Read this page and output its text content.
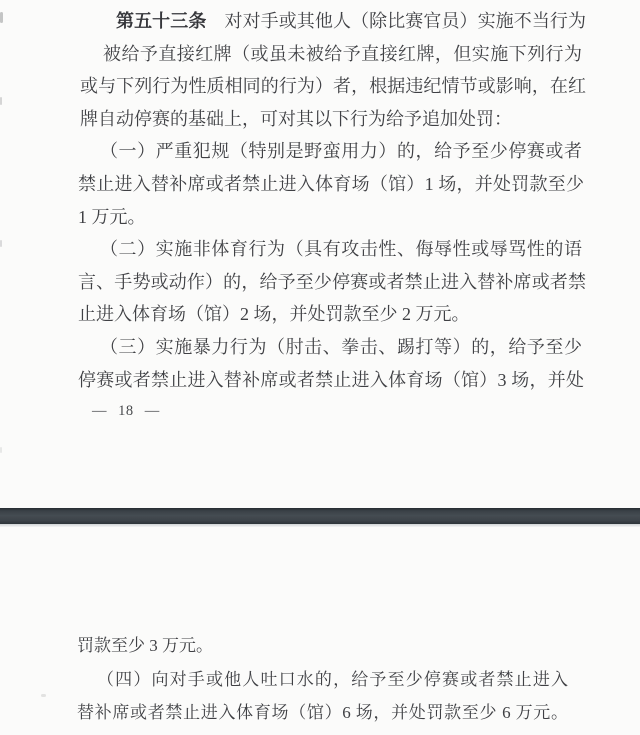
第五十三条　对对手或其他人（除比赛官员）实施不当行为
被给予直接红牌（或虽未被给予直接红牌，但实施下列行为
或与下列行为性质相同的行为）者，根据违纪情节或影响，在红
牌自动停赛的基础上，可对其以下行为给予追加处罚：
（一）严重犯规（特别是野蛮用力）的，给予至少停赛或者
禁止进入替补席或者禁止进入体育场（馆）1 场，并处罚款至少
1 万元。
（二）实施非体育行为（具有攻击性、侮辱性或辱骂性的语
言、手势或动作）的，给予至少停赛或者禁止进入替补席或者禁
止进入体育场（馆）2 场，并处罚款至少 2 万元。
（三）实施暴力行为（肘击、拳击、踢打等）的，给予至少
停赛或者禁止进入替补席或者禁止进入体育场（馆）3 场，并处
— 18 —
罚款至少 3 万元。
（四）向对手或他人吐口水的，给予至少停赛或者禁止进入
替补席或者禁止进入体育场（馆）6 场，并处罚款至少 6 万元。
